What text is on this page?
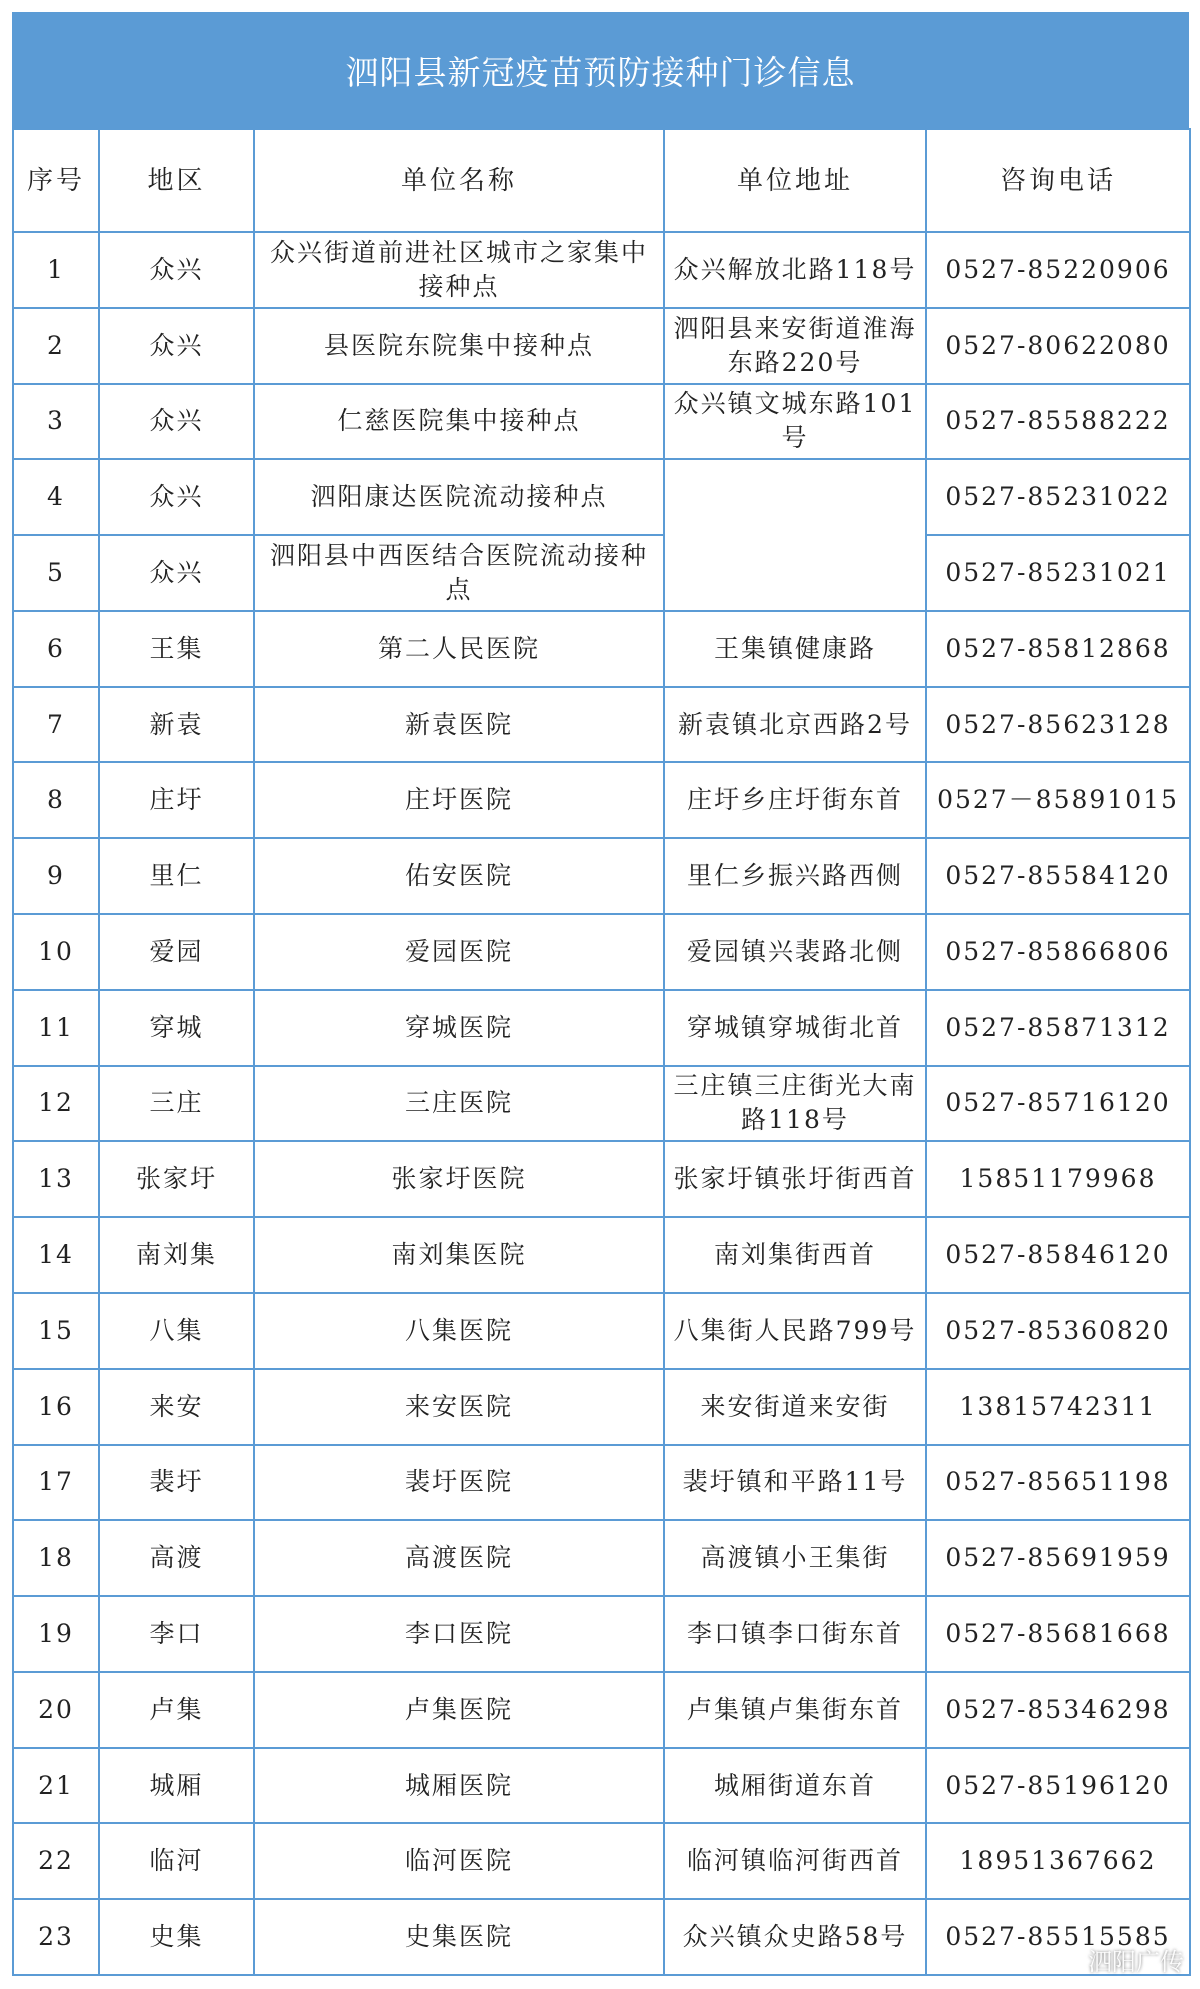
泗阳县新冠疫苗预防接种门诊信息
序号	地区	单位名称	单位地址	咨询电话
1	众兴	众兴街道前进社区城市之家集中接种点	众兴解放北路118号	0527-85220906
2	众兴	县医院东院集中接种点	泗阳县来安街道淮海东路220号	0527-80622080
3	众兴	仁慈医院集中接种点	众兴镇文城东路101号	0527-85588222
4	众兴	泗阳康达医院流动接种点		0527-85231022
5	众兴	泗阳县中西医结合医院流动接种点		0527-85231021
6	王集	第二人民医院	王集镇健康路	0527-85812868
7	新袁	新袁医院	新袁镇北京西路2号	0527-85623128
8	庄圩	庄圩医院	庄圩乡庄圩街东首	0527－85891015
9	里仁	佑安医院	里仁乡振兴路西侧	0527-85584120
10	爱园	爱园医院	爱园镇兴裴路北侧	0527-85866806
11	穿城	穿城医院	穿城镇穿城街北首	0527-85871312
12	三庄	三庄医院	三庄镇三庄街光大南路118号	0527-85716120
13	张家圩	张家圩医院	张家圩镇张圩街西首	15851179968
14	南刘集	南刘集医院	南刘集街西首	0527-85846120
15	八集	八集医院	八集街人民路799号	0527-85360820
16	来安	来安医院	来安街道来安街	13815742311
17	裴圩	裴圩医院	裴圩镇和平路11号	0527-85651198
18	高渡	高渡医院	高渡镇小王集街	0527-85691959
19	李口	李口医院	李口镇李口街东首	0527-85681668
20	卢集	卢集医院	卢集镇卢集街东首	0527-85346298
21	城厢	城厢医院	城厢街道东首	0527-85196120
22	临河	临河医院	临河镇临河街西首	18951367662
23	史集	史集医院	众兴镇众史路58号	0527-85515585
泗阳广传
